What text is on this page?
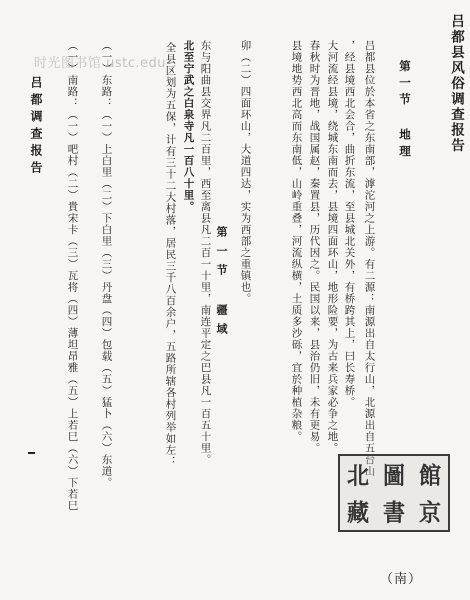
时光图书馆 ustc.edu	吕都县风俗调查报告
第一节 地理
吕都县位於本省之东南部，滹沱河之上游。有二源：南源出自太行山，北源出自五台山
，经县境西北会合，曲折东流，至县城北关外，有桥跨其上，曰长寿桥。
大河流经县境，绕城东南而去，县境四面环山，地形险要，为古来兵家必争之地。
春秋时为晋地，战国属赵，秦置县，历代因之。民国以来，县治仍旧，未有更易。
县境地势西北高而东南低，山岭重叠，河流纵横，土质多沙砾，宜於种植杂粮。
卯（二）四面环山，大道四达，实为西部之重镇也。
第一节 疆域
东与阳曲县交界凡二百里，西至离县凡二百一十里，南连平定之巴县凡一百五十里。
北至宁武之白泉寺凡一百八十里。
全县区划为五保，计有三十二大村落，居民三千八百余户，五路所辖各村列举如左：
（一）东路：（一）上白里（二）下白里（三）丹盘（四）包载（五）猛卜（六）东道。
（一）南路：（一）吧村（二）貴宋卡（三）瓦将（四）薄坦昂雅（五）上若巳（六）下若巳
吕都调查报告
北 圖 館
藏 書 京
（南）
